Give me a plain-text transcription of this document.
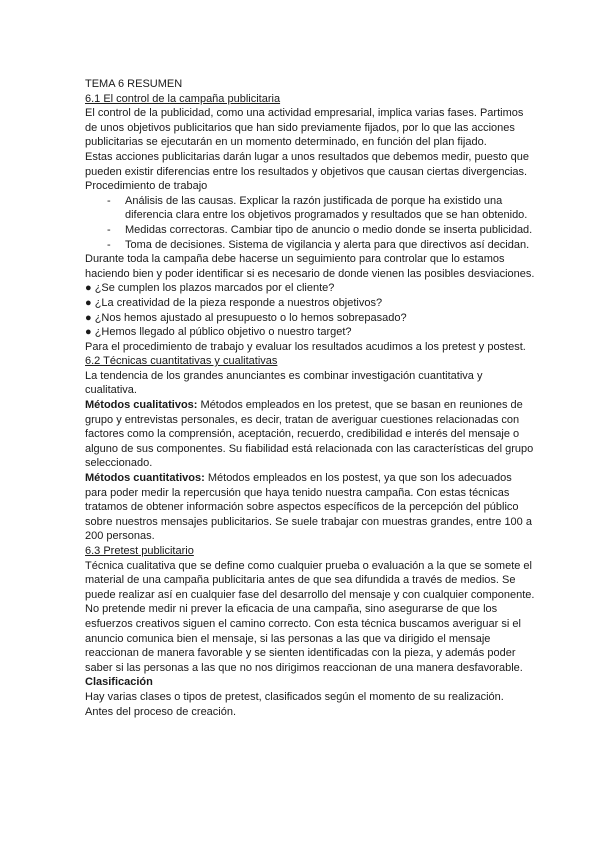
TEMA 6 RESUMEN
6.1 El control de la campaña publicitaria

El control de la publicidad, como una actividad empresarial, implica varias fases. Partimos de unos objetivos publicitarios que han sido previamente fijados, por lo que las acciones publicitarias se ejecutarán en un momento determinado, en función del plan fijado.

Estas acciones publicitarias darán lugar a unos resultados que debemos medir, puesto que pueden existir diferencias entre los resultados y objetivos que causan ciertas divergencias.

Procedimiento de trabajo

- Análisis de las causas. Explicar la razón justificada de porque ha existido una diferencia clara entre los objetivos programados y resultados que se han obtenido.
- Medidas correctoras. Cambiar tipo de anuncio o medio donde se inserta publicidad.
- Toma de decisiones. Sistema de vigilancia y alerta para que directivos así decidan.

Durante toda la campaña debe hacerse un seguimiento para controlar que lo estamos haciendo bien y poder identificar si es necesario de donde vienen las posibles desviaciones.

● ¿Se cumplen los plazos marcados por el cliente?
● ¿La creatividad de la pieza responde a nuestros objetivos?
● ¿Nos hemos ajustado al presupuesto o lo hemos sobrepasado?
● ¿Hemos llegado al público objetivo o nuestro target?

Para el procedimiento de trabajo y evaluar los resultados acudimos a los pretest y postest.

6.2 Técnicas cuantitativas y cualitativas

La tendencia de los grandes anunciantes es combinar investigación cuantitativa y cualitativa.

Métodos cualitativos: Métodos empleados en los pretest, que se basan en reuniones de grupo y entrevistas personales, es decir, tratan de averiguar cuestiones relacionadas con factores como la comprensión, aceptación, recuerdo, credibilidad e interés del mensaje o alguno de sus componentes. Su fiabilidad está relacionada con las características del grupo seleccionado.

Métodos cuantitativos: Métodos empleados en los postest, ya que son los adecuados para poder medir la repercusión que haya tenido nuestra campaña. Con estas técnicas tratamos de obtener información sobre aspectos específicos de la percepción del público sobre nuestros mensajes publicitarios. Se suele trabajar con muestras grandes, entre 100 a 200 personas.

6.3 Pretest publicitario

Técnica cualitativa que se define como cualquier prueba o evaluación a la que se somete el material de una campaña publicitaria antes de que sea difundida a través de medios. Se puede realizar así en cualquier fase del desarrollo del mensaje y con cualquier componente. No pretende medir ni prever la eficacia de una campaña, sino asegurarse de que los esfuerzos creativos siguen el camino correcto. Con esta técnica buscamos averiguar si el anuncio comunica bien el mensaje, si las personas a las que va dirigido el mensaje reaccionan de manera favorable y se sienten identificadas con la pieza, y además poder saber si las personas a las que no nos dirigimos reaccionan de una manera desfavorable.

Clasificación

Hay varias clases o tipos de pretest, clasificados según el momento de su realización.

Antes del proceso de creación.
